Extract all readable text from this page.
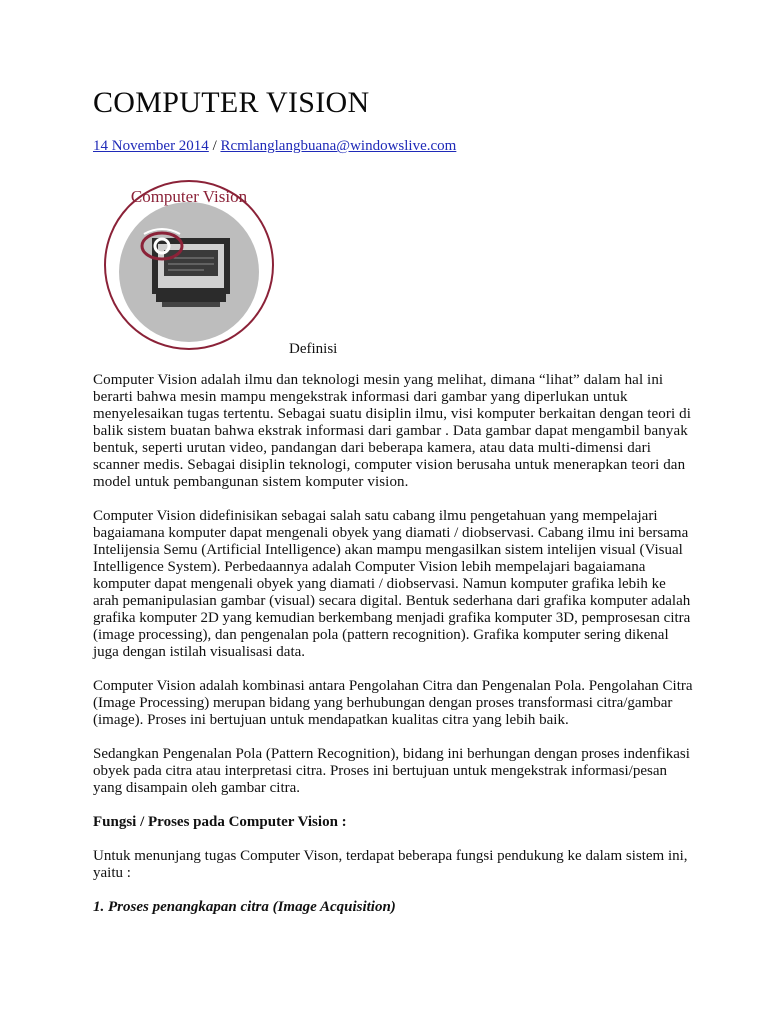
COMPUTER VISION
14 November 2014 / Rcmlanglangbuana@windowslive.com
Computer Vision
Definisi

Computer Vision adalah ilmu dan teknologi mesin yang melihat, dimana “lihat” dalam hal ini berarti bahwa mesin mampu mengekstrak informasi dari gambar yang diperlukan untuk menyelesaikan tugas tertentu. Sebagai suatu disiplin ilmu, visi komputer berkaitan dengan teori di balik sistem buatan bahwa ekstrak informasi dari gambar . Data gambar dapat mengambil banyak bentuk, seperti urutan video, pandangan dari beberapa kamera, atau data multi-dimensi dari scanner medis. Sebagai disiplin teknologi, computer vision berusaha untuk menerapkan teori dan model untuk pembangunan sistem komputer vision.

Computer Vision didefinisikan sebagai salah satu cabang ilmu pengetahuan yang mempelajari bagaiamana komputer dapat mengenali obyek yang diamati / diobservasi. Cabang ilmu ini bersama Intelijensia Semu (Artificial Intelligence) akan mampu mengasilkan sistem intelijen visual (Visual Intelligence System). Perbedaannya adalah Computer Vision lebih mempelajari bagaiamana komputer dapat mengenali obyek yang diamati / diobservasi. Namun komputer grafika lebih ke arah pemanipulasian gambar (visual) secara digital. Bentuk sederhana dari grafika komputer adalah grafika komputer 2D yang kemudian berkembang menjadi grafika komputer 3D, pemprosesan citra (image processing), dan pengenalan pola (pattern recognition). Grafika komputer sering dikenal juga dengan istilah visualisasi data.

Computer Vision adalah kombinasi antara Pengolahan Citra dan Pengenalan Pola. Pengolahan Citra (Image Processing) merupan bidang yang berhubungan dengan proses transformasi citra/gambar (image). Proses ini bertujuan untuk mendapatkan kualitas citra yang lebih baik.

Sedangkan Pengenalan Pola (Pattern Recognition), bidang ini berhungan dengan proses indenfikasi obyek pada citra atau interpretasi citra. Proses ini bertujuan untuk mengekstrak informasi/pesan yang disampain oleh gambar citra.

Fungsi / Proses pada Computer Vision :

Untuk menunjang tugas Computer Vison, terdapat beberapa fungsi pendukung ke dalam sistem ini, yaitu :

1. Proses penangkapan citra (Image Acquisition)
